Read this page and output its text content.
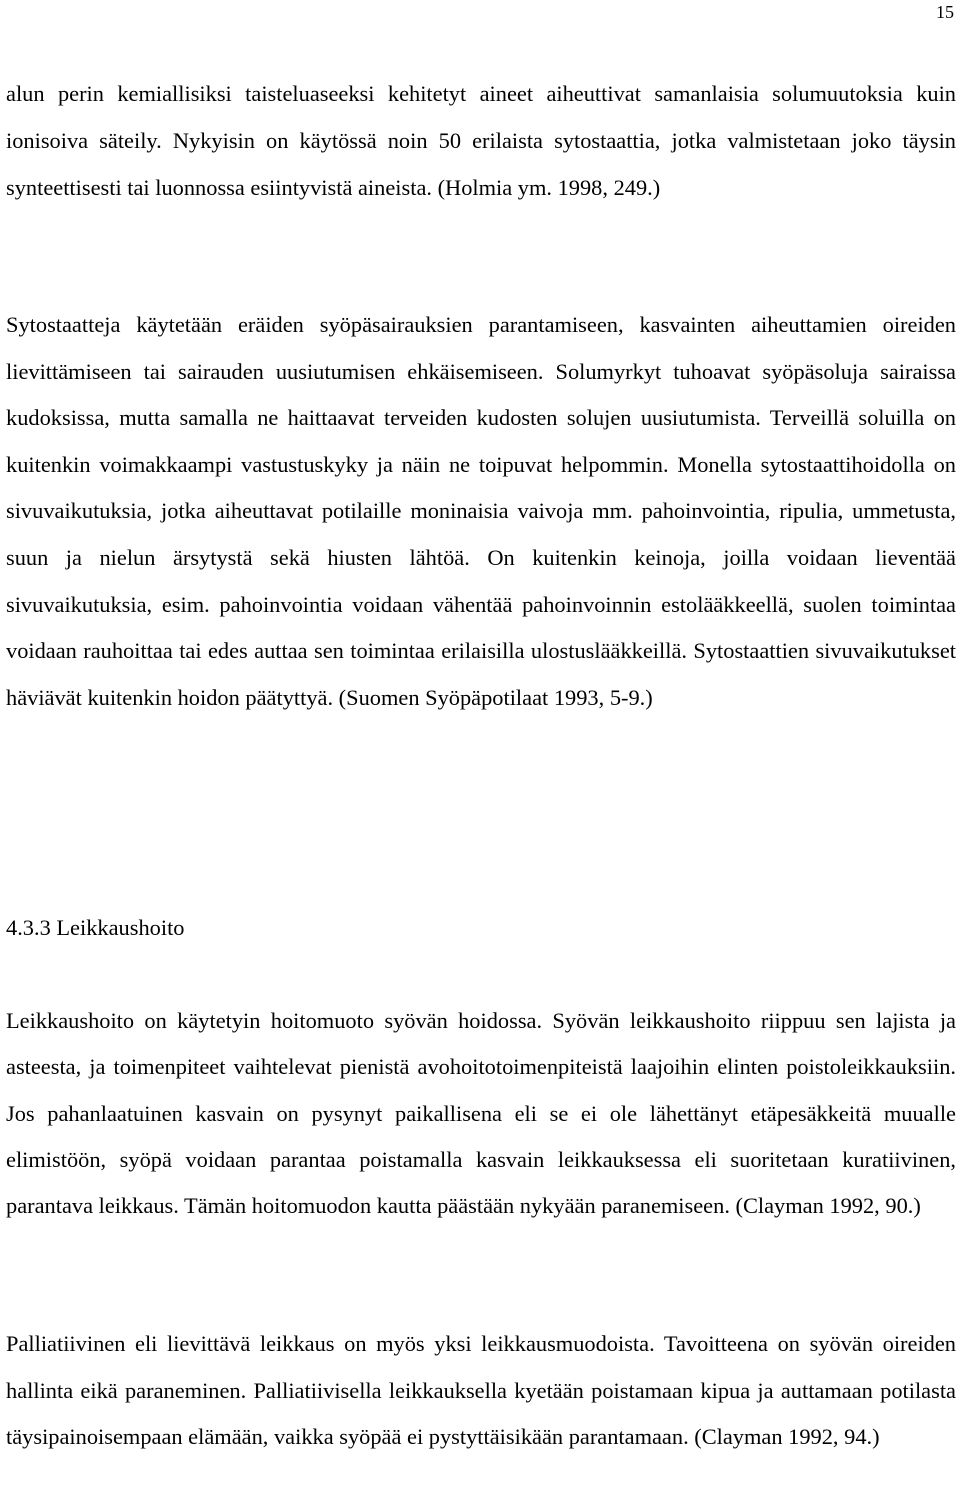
15

alun perin kemiallisiksi taisteluaseeksi kehitetyt aineet aiheuttivat samanlaisia solumuutoksia kuin ionisoiva säteily. Nykyisin on käytössä noin 50 erilaista sytostaattia, jotka valmistetaan joko täysin synteettisesti tai luonnossa esiintyvistä aineista. (Holmia ym. 1998, 249.)

Sytostaatteja käytetään eräiden syöpäsairauksien parantamiseen, kasvainten aiheuttamien oireiden lievittämiseen tai sairauden uusiutumisen ehkäisemiseen. Solumyrkyt tuhoavat syöpäsoluja sairaissa kudoksissa, mutta samalla ne haittaavat terveiden kudosten solujen uusiutumista. Terveillä soluilla on kuitenkin voimakkaampi vastustuskyky ja näin ne toipuvat helpommin. Monella sytostaattihoidolla on sivuvaikutuksia, jotka aiheuttavat potilaille moninaisia vaivoja mm. pahoinvointia, ripulia, ummetusta, suun ja nielun ärsytystä sekä hiusten lähtöä. On kuitenkin keinoja, joilla voidaan lieventää sivuvaikutuksia, esim. pahoinvointia voidaan vähentää pahoinvoinnin estolääkkeellä, suolen toimintaa voidaan rauhoittaa tai edes auttaa sen toimintaa erilaisilla ulostuslääkkeillä. Sytostaattien sivuvaikutukset häviävät kuitenkin hoidon päätyttyä. (Suomen Syöpäpotilaat 1993, 5-9.)

4.3.3 Leikkaushoito

Leikkaushoito on käytetyin hoitomuoto syövän hoidossa. Syövän leikkaushoito riippuu sen lajista ja asteesta, ja toimenpiteet vaihtelevat pienistä avohoitotoimenpiteistä laajoihin elinten poistoleikkauksiin. Jos pahanlaatuinen kasvain on pysynyt paikallisena eli se ei ole lähettänyt etäpesäkkeitä muualle elimistöön, syöpä voidaan parantaa poistamalla kasvain leikkauksessa eli suoritetaan kuratiivinen, parantava leikkaus. Tämän hoitomuodon kautta päästään nykyään paranemiseen. (Clayman 1992, 90.)

Palliatiivinen eli lievittävä leikkaus on myös yksi leikkausmuodoista. Tavoitteena on syövän oireiden hallinta eikä paraneminen. Palliatiivisella leikkauksella kyetään poistamaan kipua ja auttamaan potilasta täysipainoisempaan elämään, vaikka syöpää ei pystyttäisikään parantamaan. (Clayman 1992, 94.)
